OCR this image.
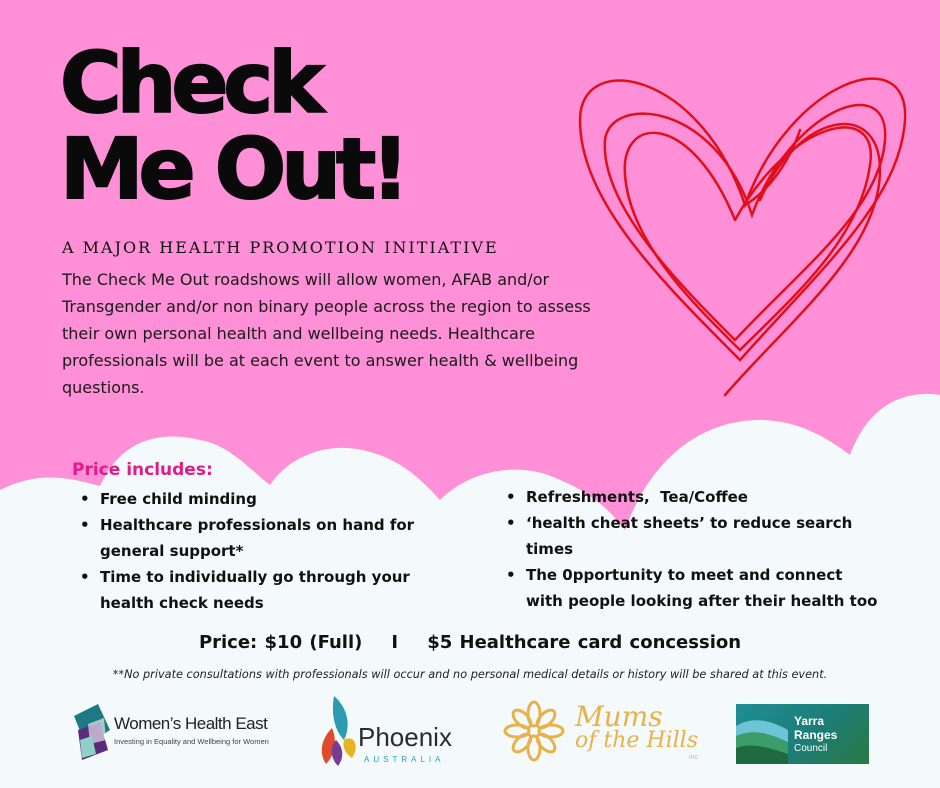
Check
Me Out!
A MAJOR HEALTH PROMOTION INITIATIVE
The Check Me Out roadshows will allow women, AFAB and/or Transgender and/or non binary people across the region to assess their own personal health and wellbeing needs. Healthcare professionals will be at each event to answer health & wellbeing questions.
Price includes:
• Free child minding
• Healthcare professionals on hand for general support*
• Time to individually go through your health check needs
• Refreshments,  Tea/Coffee
• ‘health cheat sheets’ to reduce search times
• The 0pportunity to meet and connect with people looking after their health too
Price: $10 (Full)    I    $5 Healthcare card concession
**No private consultations with professionals will occur and no personal medical details or history will be shared at this event.
Women’s Health East
Investing in Equality and Wellbeing for Women	Phoenix
AUSTRALIA
Mums
of the Hills
inc
Yarra
Ranges
Council
